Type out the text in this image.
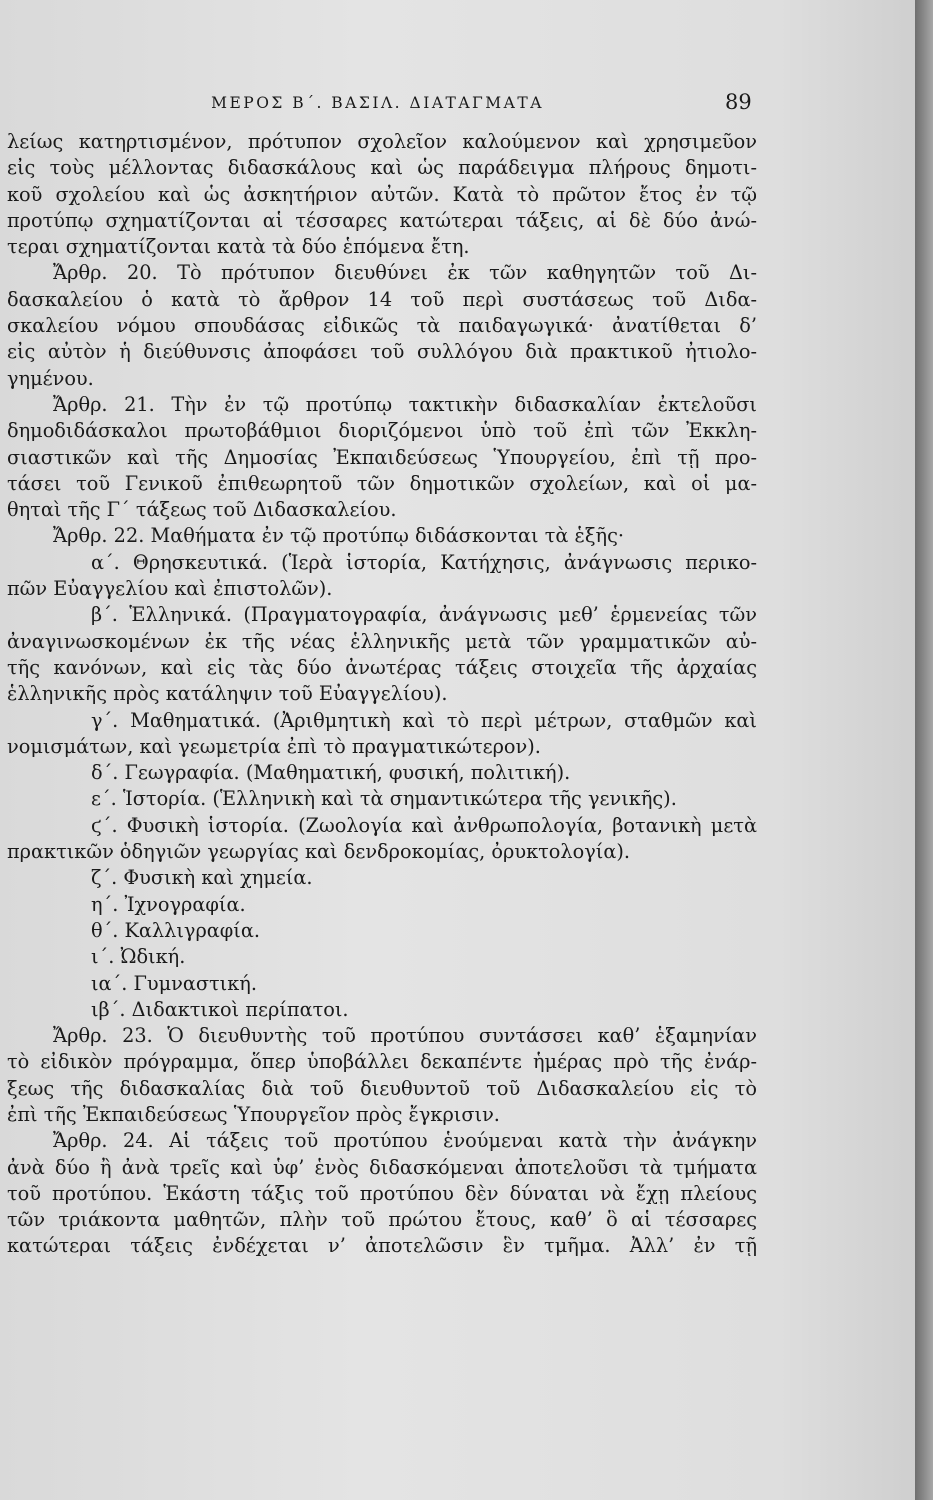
ΜΕΡΟΣ Β΄. ΒΑΣΙΛ. ΔΙΑΤΑΓΜΑΤΑ	89
λείως κατηρτισμένον, πρότυπον σχολεῖον καλούμενον καὶ χρησιμεῦον
εἰς τοὺς μέλλοντας διδασκάλους καὶ ὡς παράδειγμα πλήρους δημοτι-
κοῦ σχολείου καὶ ὡς ἀσκητήριον αὐτῶν. Κατὰ τὸ πρῶτον ἔτος ἐν τῷ
προτύπῳ σχηματίζονται αἱ τέσσαρες κατώτεραι τάξεις, αἱ δὲ δύο ἀνώ-
τεραι σχηματίζονται κατὰ τὰ δύο ἑπόμενα ἔτη.
Ἄρθρ. 20. Τὸ πρότυπον διευθύνει ἐκ τῶν καθηγητῶν τοῦ Δι-
δασκαλείου ὁ κατὰ τὸ ἄρθρον 14 τοῦ περὶ συστάσεως τοῦ Διδα-
σκαλείου νόμου σπουδάσας εἰδικῶς τὰ παιδαγωγικά· ἀνατίθεται δ’
εἰς αὐτὸν ἡ διεύθυνσις ἀποφάσει τοῦ συλλόγου διὰ πρακτικοῦ ἠτιολο-
γημένου.
Ἄρθρ. 21. Τὴν ἐν τῷ προτύπῳ τακτικὴν διδασκαλίαν ἐκτελοῦσι
δημοδιδάσκαλοι πρωτοβάθμιοι διοριζόμενοι ὑπὸ τοῦ ἐπὶ τῶν Ἐκκλη-
σιαστικῶν καὶ τῆς Δημοσίας Ἐκπαιδεύσεως Ὑπουργείου, ἐπὶ τῇ προ-
τάσει τοῦ Γενικοῦ ἐπιθεωρητοῦ τῶν δημοτικῶν σχολείων, καὶ οἱ μα-
θηταὶ τῆς Γ΄ τάξεως τοῦ Διδασκαλείου.
Ἄρθρ. 22. Μαθήματα ἐν τῷ προτύπῳ διδάσκονται τὰ ἑξῆς·
α΄. Θρησκευτικά. (Ἱερὰ ἱστορία, Κατήχησις, ἀνάγνωσις περικο-
πῶν Εὐαγγελίου καὶ ἐπιστολῶν).
β΄. Ἑλληνικά. (Πραγματογραφία, ἀνάγνωσις μεθ’ ἑρμενείας τῶν
ἀναγινωσκομένων ἐκ τῆς νέας ἑλληνικῆς μετὰ τῶν γραμματικῶν αὐ-
τῆς κανόνων, καὶ εἰς τὰς δύο ἀνωτέρας τάξεις στοιχεῖα τῆς ἀρχαίας
ἑλληνικῆς πρὸς κατάληψιν τοῦ Εὐαγγελίου).
γ΄. Μαθηματικά. (Ἀριθμητικὴ καὶ τὸ περὶ μέτρων, σταθμῶν καὶ
νομισμάτων, καὶ γεωμετρία ἐπὶ τὸ πραγματικώτερον).
δ΄. Γεωγραφία. (Μαθηματική, φυσική, πολιτική).
ε΄. Ἱστορία. (Ἑλληνικὴ καὶ τὰ σημαντικώτερα τῆς γενικῆς).
ϛ΄. Φυσικὴ ἱστορία. (Ζωολογία καὶ ἀνθρωπολογία, βοτανικὴ μετὰ
πρακτικῶν ὁδηγιῶν γεωργίας καὶ δενδροκομίας, ὀρυκτολογία).
ζ΄. Φυσικὴ καὶ χημεία.
η΄. Ἰχνογραφία.
θ΄. Καλλιγραφία.
ι΄. Ὠδική.
ια΄. Γυμναστική.
ιβ΄. Διδακτικοὶ περίπατοι.
Ἄρθρ. 23. Ὁ διευθυντὴς τοῦ προτύπου συντάσσει καθ’ ἑξαμηνίαν
τὸ εἰδικὸν πρόγραμμα, ὅπερ ὑποβάλλει δεκαπέντε ἡμέρας πρὸ τῆς ἐνάρ-
ξεως τῆς διδασκαλίας διὰ τοῦ διευθυντοῦ τοῦ Διδασκαλείου εἰς τὸ
ἐπὶ τῆς Ἐκπαιδεύσεως Ὑπουργεῖον πρὸς ἔγκρισιν.
Ἄρθρ. 24. Αἱ τάξεις τοῦ προτύπου ἑνούμεναι κατὰ τὴν ἀνάγκην
ἀνὰ δύο ἢ ἀνὰ τρεῖς καὶ ὑφ’ ἑνὸς διδασκόμεναι ἀποτελοῦσι τὰ τμήματα
τοῦ προτύπου. Ἑκάστη τάξις τοῦ προτύπου δὲν δύναται νὰ ἔχῃ πλείους
τῶν τριάκοντα μαθητῶν, πλὴν τοῦ πρώτου ἔτους, καθ’ ὃ αἱ τέσσαρες
κατώτεραι τάξεις ἐνδέχεται ν’ ἀποτελῶσιν ἓν τμῆμα. Ἀλλ’ ἐν τῇ
